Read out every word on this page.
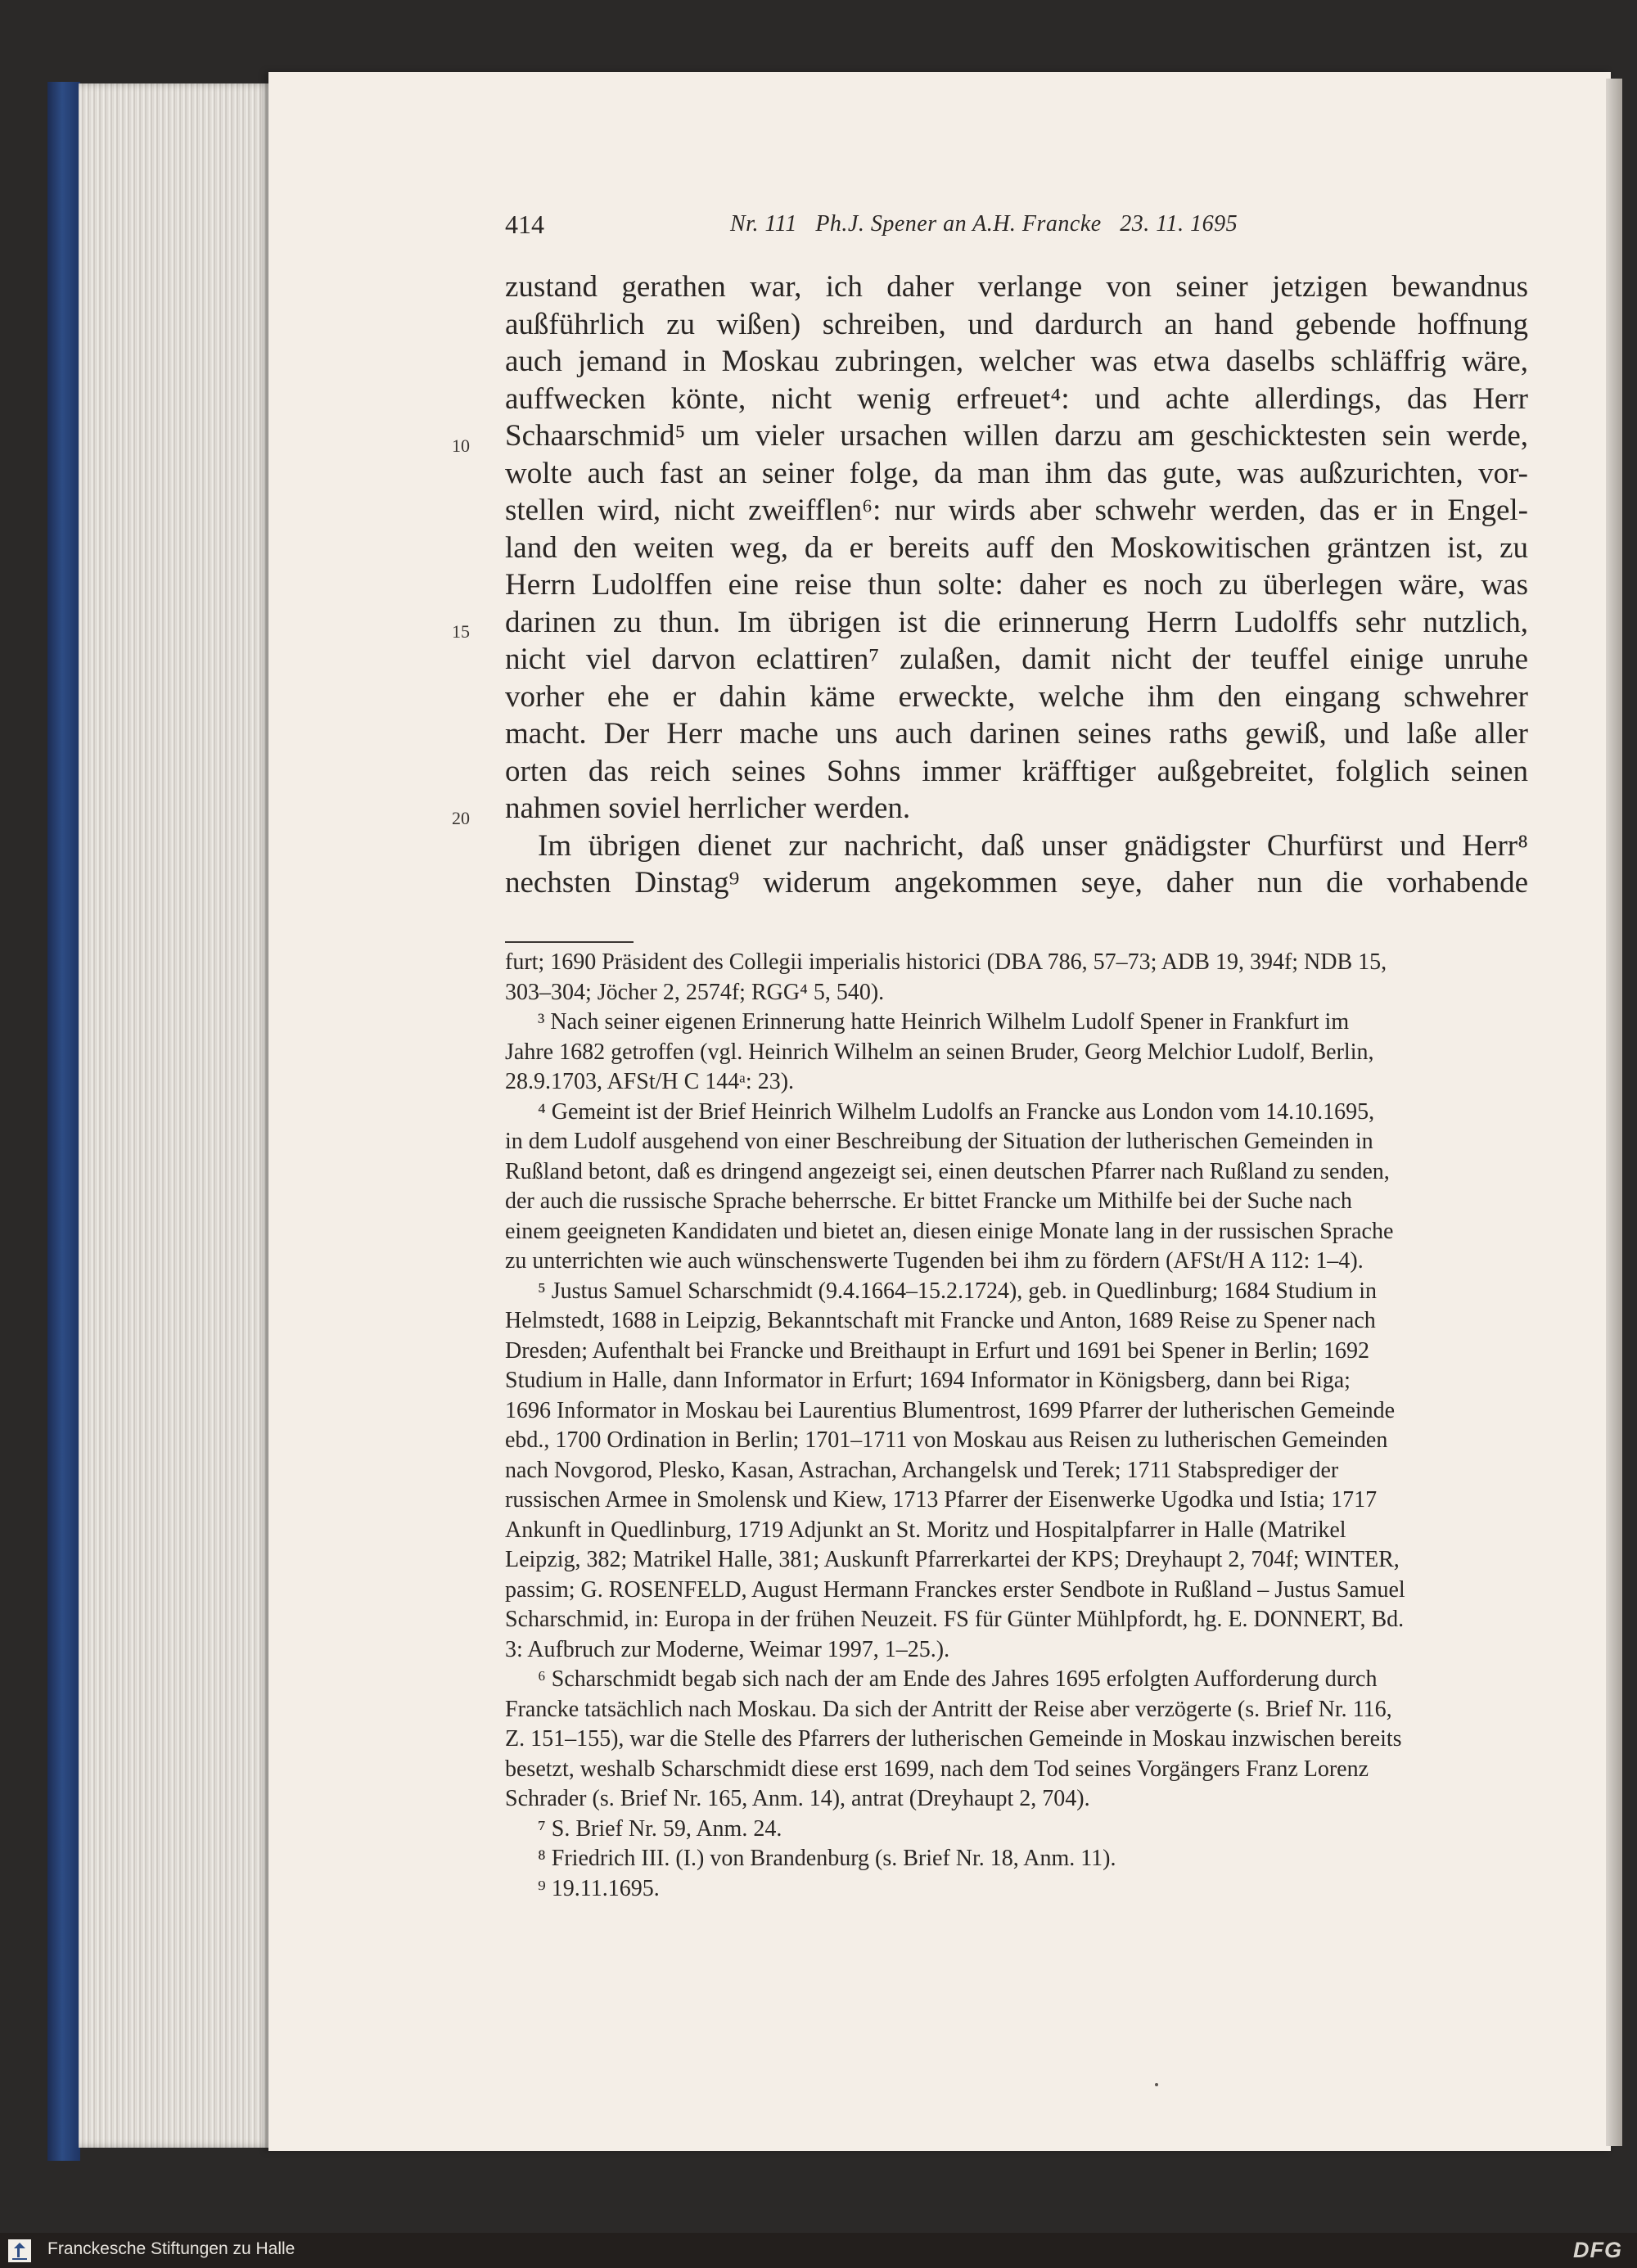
414	Nr. 111   Ph.J. Spener an A.H. Francke   23. 11. 1695
10
15
20

zustand gerathen war, ich daher verlange von seiner jetzigen bewandnus
außführlich zu wißen) schreiben, und dardurch an hand gebende hoffnung
auch jemand in Moskau zubringen, welcher was etwa daselbs schläffrig wäre,
auffwecken könte, nicht wenig erfreuet⁴: und achte allerdings, das Herr
Schaarschmid⁵ um vieler ursachen willen darzu am geschicktesten sein werde,
wolte auch fast an seiner folge, da man ihm das gute, was außzurichten, vor-
stellen wird, nicht zweifflen⁶: nur wirds aber schwehr werden, das er in Engel-
land den weiten weg, da er bereits auff den Moskowitischen gräntzen ist, zu
Herrn Ludolffen eine reise thun solte: daher es noch zu überlegen wäre, was
darinen zu thun. Im übrigen ist die erinnerung Herrn Ludolffs sehr nutzlich,
nicht viel darvon eclattiren⁷ zulaßen, damit nicht der teuffel einige unruhe
vorher ehe er dahin käme erweckte, welche ihm den eingang schwehrer
macht. Der Herr mache uns auch darinen seines raths gewiß, und laße aller
orten das reich seines Sohns immer kräfftiger außgebreitet, folglich seinen
nahmen soviel herrlicher werden.
Im übrigen dienet zur nachricht, daß unser gnädigster Churfürst und Herr⁸
nechsten Dinstag⁹ widerum angekommen seye, daher nun die vorhabende

furt; 1690 Präsident des Collegii imperialis historici (DBA 786, 57–73; ADB 19, 394f; NDB 15,
303–304; Jöcher 2, 2574f; RGG⁴ 5, 540).

³ Nach seiner eigenen Erinnerung hatte Heinrich Wilhelm Ludolf Spener in Frankfurt im
Jahre 1682 getroffen (vgl. Heinrich Wilhelm an seinen Bruder, Georg Melchior Ludolf, Berlin,
28.9.1703, AFSt/H C 144ᵃ: 23).

⁴ Gemeint ist der Brief Heinrich Wilhelm Ludolfs an Francke aus London vom 14.10.1695,
in dem Ludolf ausgehend von einer Beschreibung der Situation der lutherischen Gemeinden in
Rußland betont, daß es dringend angezeigt sei, einen deutschen Pfarrer nach Rußland zu senden,
der auch die russische Sprache beherrsche. Er bittet Francke um Mithilfe bei der Suche nach
einem geeigneten Kandidaten und bietet an, diesen einige Monate lang in der russischen Sprache
zu unterrichten wie auch wünschenswerte Tugenden bei ihm zu fördern (AFSt/H A 112: 1–4).

⁵ Justus Samuel Scharschmidt (9.4.1664–15.2.1724), geb. in Quedlinburg; 1684 Studium in
Helmstedt, 1688 in Leipzig, Bekanntschaft mit Francke und Anton, 1689 Reise zu Spener nach
Dresden; Aufenthalt bei Francke und Breithaupt in Erfurt und 1691 bei Spener in Berlin; 1692
Studium in Halle, dann Informator in Erfurt; 1694 Informator in Königsberg, dann bei Riga;
1696 Informator in Moskau bei Laurentius Blumentrost, 1699 Pfarrer der lutherischen Gemeinde
ebd., 1700 Ordination in Berlin; 1701–1711 von Moskau aus Reisen zu lutherischen Gemeinden
nach Novgorod, Plesko, Kasan, Astrachan, Archangelsk und Terek; 1711 Stabsprediger der
russischen Armee in Smolensk und Kiew, 1713 Pfarrer der Eisenwerke Ugodka und Istia; 1717
Ankunft in Quedlinburg, 1719 Adjunkt an St. Moritz und Hospitalpfarrer in Halle (Matrikel
Leipzig, 382; Matrikel Halle, 381; Auskunft Pfarrerkartei der KPS; Dreyhaupt 2, 704f; WINTER,
passim; G. ROSENFELD, August Hermann Franckes erster Sendbote in Rußland – Justus Samuel
Scharschmid, in: Europa in der frühen Neuzeit. FS für Günter Mühlpfordt, hg. E. DONNERT, Bd.
3: Aufbruch zur Moderne, Weimar 1997, 1–25.).

⁶ Scharschmidt begab sich nach der am Ende des Jahres 1695 erfolgten Aufforderung durch
Francke tatsächlich nach Moskau. Da sich der Antritt der Reise aber verzögerte (s. Brief Nr. 116,
Z. 151–155), war die Stelle des Pfarrers der lutherischen Gemeinde in Moskau inzwischen bereits
besetzt, weshalb Scharschmidt diese erst 1699, nach dem Tod seines Vorgängers Franz Lorenz
Schrader (s. Brief Nr. 165, Anm. 14), antrat (Dreyhaupt 2, 704).

⁷ S. Brief Nr. 59, Anm. 24.

⁸ Friedrich III. (I.) von Brandenburg (s. Brief Nr. 18, Anm. 11).

⁹ 19.11.1695.

Franckesche Stiftungen zu Halle	DFG
